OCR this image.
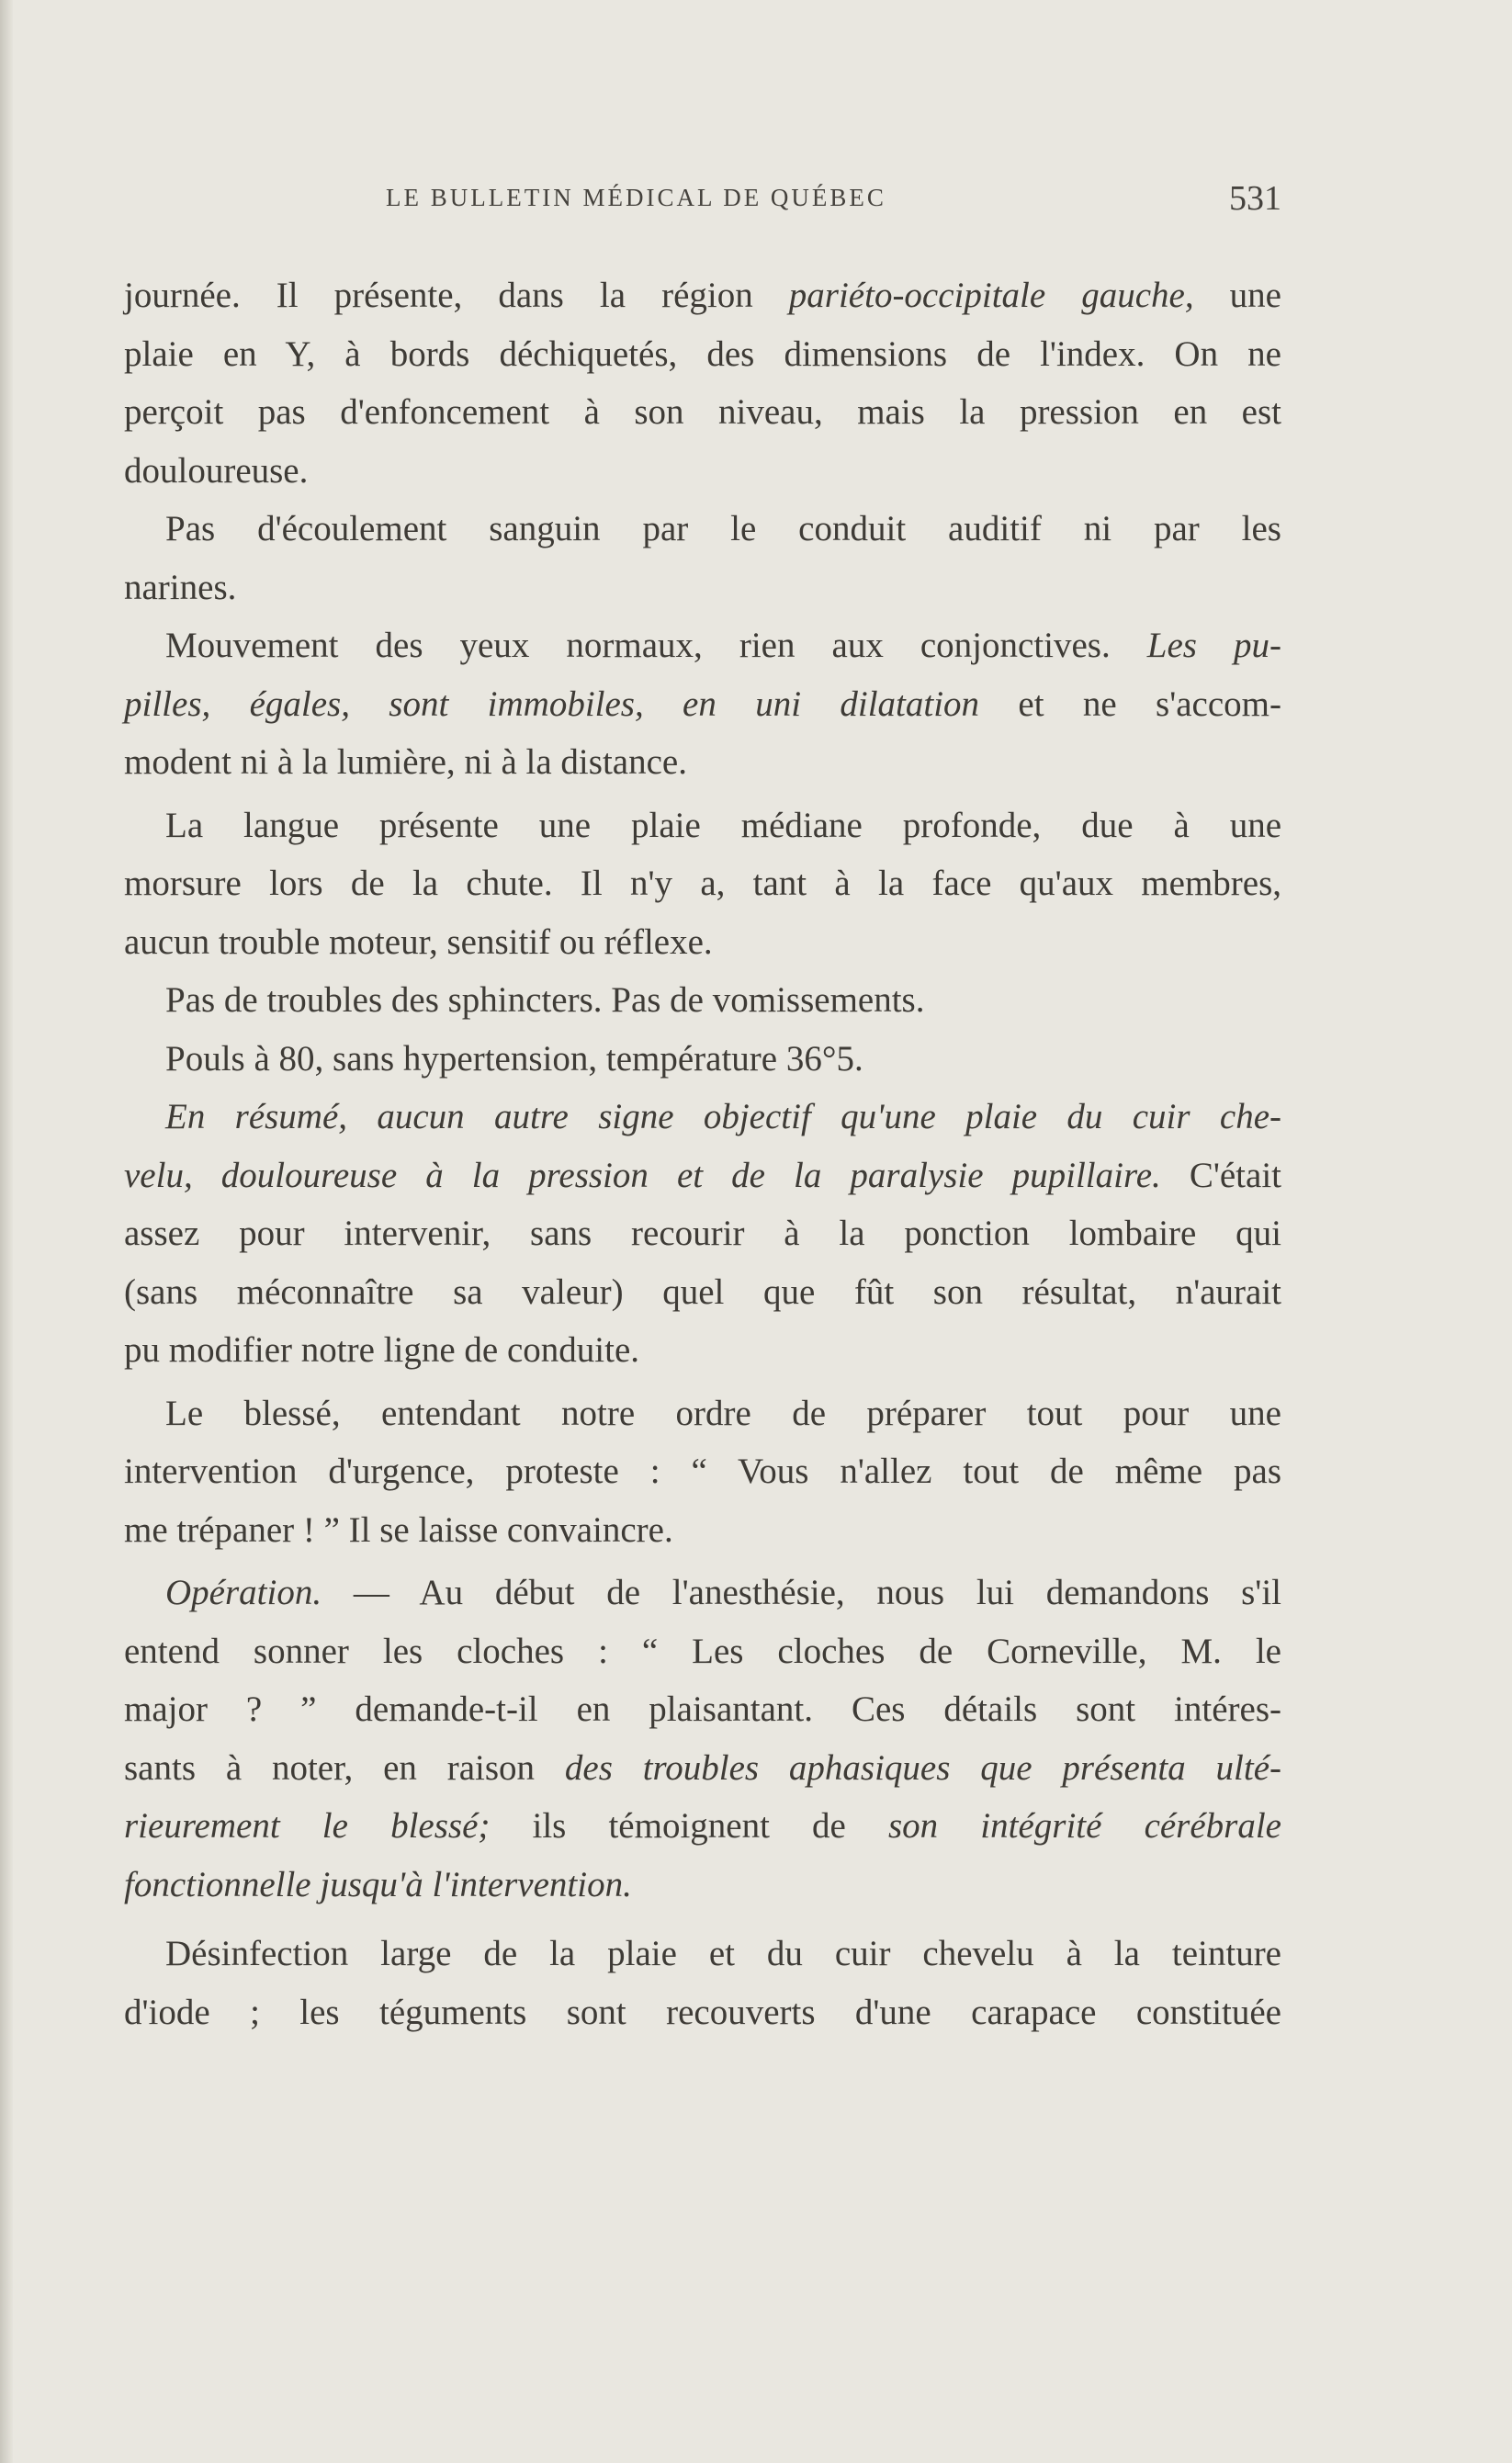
LE BULLETIN MÉDICAL DE QUÉBEC	531

journée. Il présente, dans la région pariéto-occipitale gauche, une
plaie en Y, à bords déchiquetés, des dimensions de l'index. On ne
perçoit pas d'enfoncement à son niveau, mais la pression en est
douloureuse.

Pas d'écoulement sanguin par le conduit auditif ni par les
narines.

Mouvement des yeux normaux, rien aux conjonctives. Les pu-
pilles, égales, sont immobiles, en uni dilatation et ne s'accom-
modent ni à la lumière, ni à la distance.

La langue présente une plaie médiane profonde, due à une
morsure lors de la chute. Il n'y a, tant à la face qu'aux membres,
aucun trouble moteur, sensitif ou réflexe.

Pas de troubles des sphincters. Pas de vomissements.

Pouls à 80, sans hypertension, température 36°5.

En résumé, aucun autre signe objectif qu'une plaie du cuir che-
velu, douloureuse à la pression et de la paralysie pupillaire. C'était
assez pour intervenir, sans recourir à la ponction lombaire qui
(sans méconnaître sa valeur) quel que fût son résultat, n'aurait
pu modifier notre ligne de conduite.

Le blessé, entendant notre ordre de préparer tout pour une
intervention d'urgence, proteste : “ Vous n'allez tout de même pas
me trépaner ! ” Il se laisse convaincre.

Opération. — Au début de l'anesthésie, nous lui demandons s'il
entend sonner les cloches : “ Les cloches de Corneville, M. le
major ? ” demande-t-il en plaisantant. Ces détails sont intéres-
sants à noter, en raison des troubles aphasiques que présenta ulté-
rieurement le blessé; ils témoignent de son intégrité cérébrale
fonctionnelle jusqu'à l'intervention.

Désinfection large de la plaie et du cuir chevelu à la teinture
d'iode ; les téguments sont recouverts d'une carapace constituée
